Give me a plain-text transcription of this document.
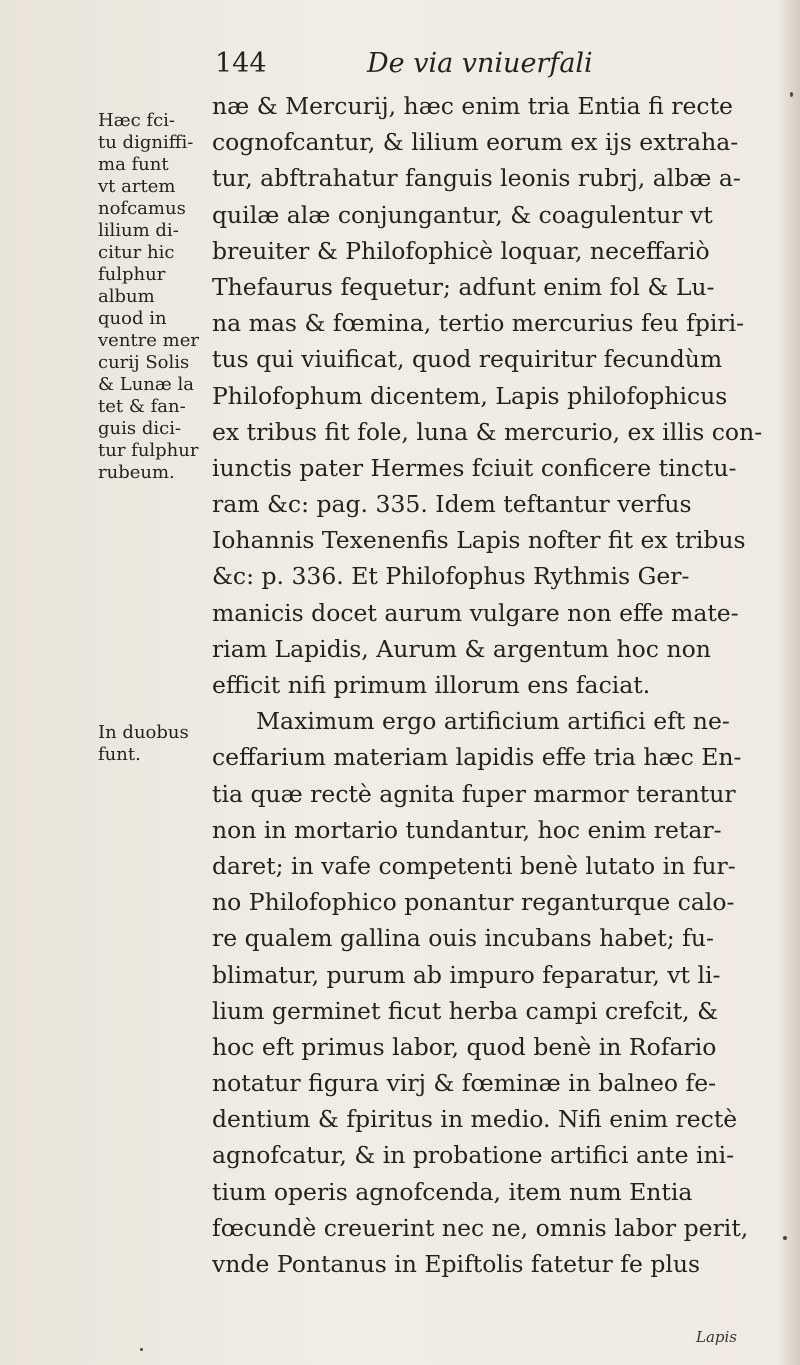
144	De via vniuerfali
Hæc fci-
tu digniffi-
ma funt
vt artem
nofcamus
lilium di-
citur hic
fulphur
album
quod in
ventre mer
curij Solis
& Lunæ la
tet & fan-
guis dici-
tur fulphur
rubeum.
In duobus
funt.
næ & Mercurij, hæc enim tria Entia fi recte
cognofcantur, & lilium eorum ex ijs extraha-
tur, abftrahatur fanguis leonis rubrj, albæ a-
quilæ alæ conjungantur, & coagulentur vt
breuiter & Philofophicè loquar, neceffariò
Thefaurus fequetur; adfunt enim fol & Lu-
na mas & fœmina, tertio mercurius feu fpiri-
tus qui viuificat, quod requiritur fecundùm
Philofophum dicentem, Lapis philofophicus
ex tribus fit fole, luna & mercurio, ex illis con-
iunctis pater Hermes fciuit conficere tinctu-
ram &c: pag. 335. Idem teftantur verfus
Iohannis Texenenfis Lapis nofter fit ex tribus
&c: p. 336. Et Philofophus Rythmis Ger-
manicis docet aurum vulgare non effe mate-
riam Lapidis, Aurum & argentum hoc non
efficit nifi primum illorum ens faciat.
Maximum ergo artificium artifici eft ne-
ceffarium materiam lapidis effe tria hæc En-
tia quæ rectè agnita fuper marmor terantur
non in mortario tundantur, hoc enim retar-
daret; in vafe competenti benè lutato in fur-
no Philofophico ponantur reganturque calo-
re qualem gallina ouis incubans habet; fu-
blimatur, purum ab impuro feparatur, vt li-
lium germinet ficut herba campi crefcit, &
hoc eft primus labor, quod benè in Rofario
notatur figura virj & fœminæ in balneo fe-
dentium & fpiritus in medio. Nifi enim rectè
agnofcatur, & in probatione artifici ante ini-
tium operis agnofcenda, item num Entia
fœcundè creuerint nec ne, omnis labor perit,
vnde Pontanus in Epiftolis fatetur fe plus
Lapis
